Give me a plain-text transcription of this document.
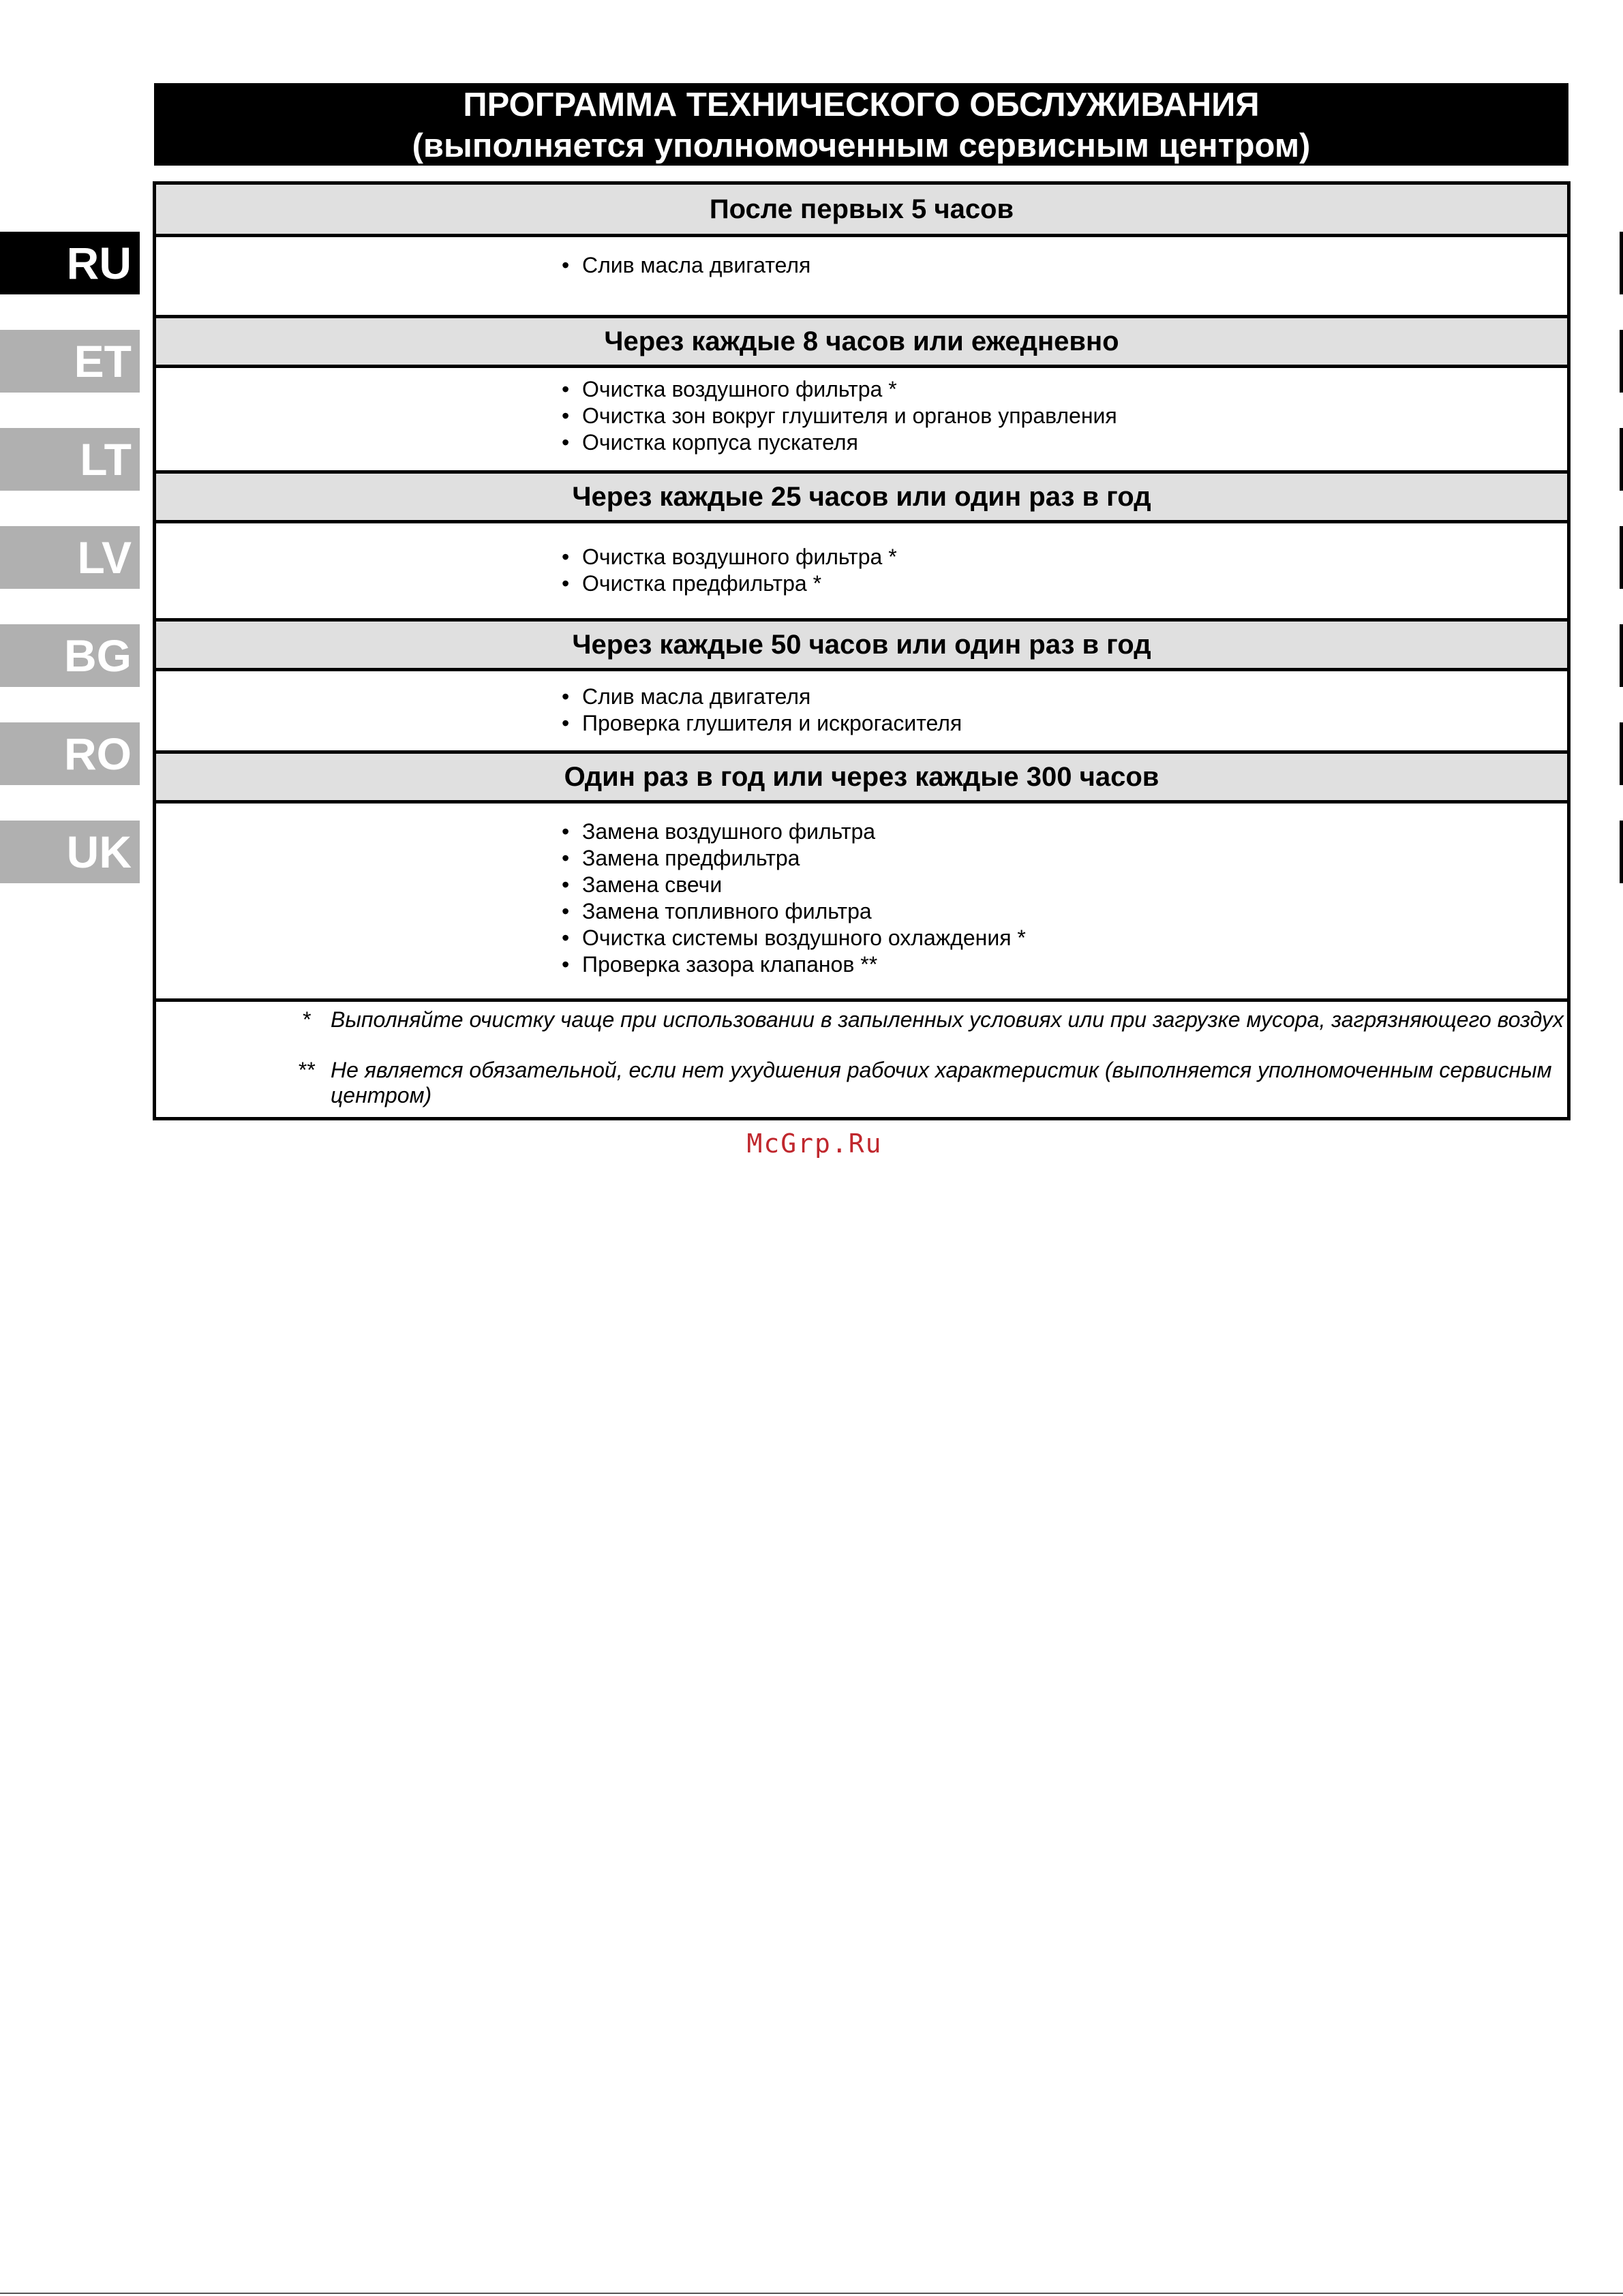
RU
ET
LT
LV
BG
RO
UK
ПРОГРАММА ТЕХНИЧЕСКОГО ОБСЛУЖИВАНИЯ
(выполняется уполномоченным сервисным центром)
После первых 5 часов
• Слив масла двигателя
Через каждые 8 часов или ежедневно
• Очистка воздушного фильтра *
• Очистка зон вокруг глушителя и органов управления
• Очистка корпуса пускателя
Через каждые 25 часов или один раз в год
• Очистка воздушного фильтра *
• Очистка предфильтра *
Через каждые 50 часов или один раз в год
• Слив масла двигателя
• Проверка глушителя и искрогасителя
Один раз в год или через каждые 300 часов
• Замена воздушного фильтра
• Замена предфильтра
• Замена свечи
• Замена топливного фильтра
• Очистка системы воздушного охлаждения *
• Проверка зазора клапанов **
* Выполняйте очистку чаще при использовании в запыленных условиях или при загрузке мусора, загрязняющего воздух
** Не является обязательной, если нет ухудшения рабочих характеристик (выполняется уполномоченным сервисным центром)
McGrp.Ru
